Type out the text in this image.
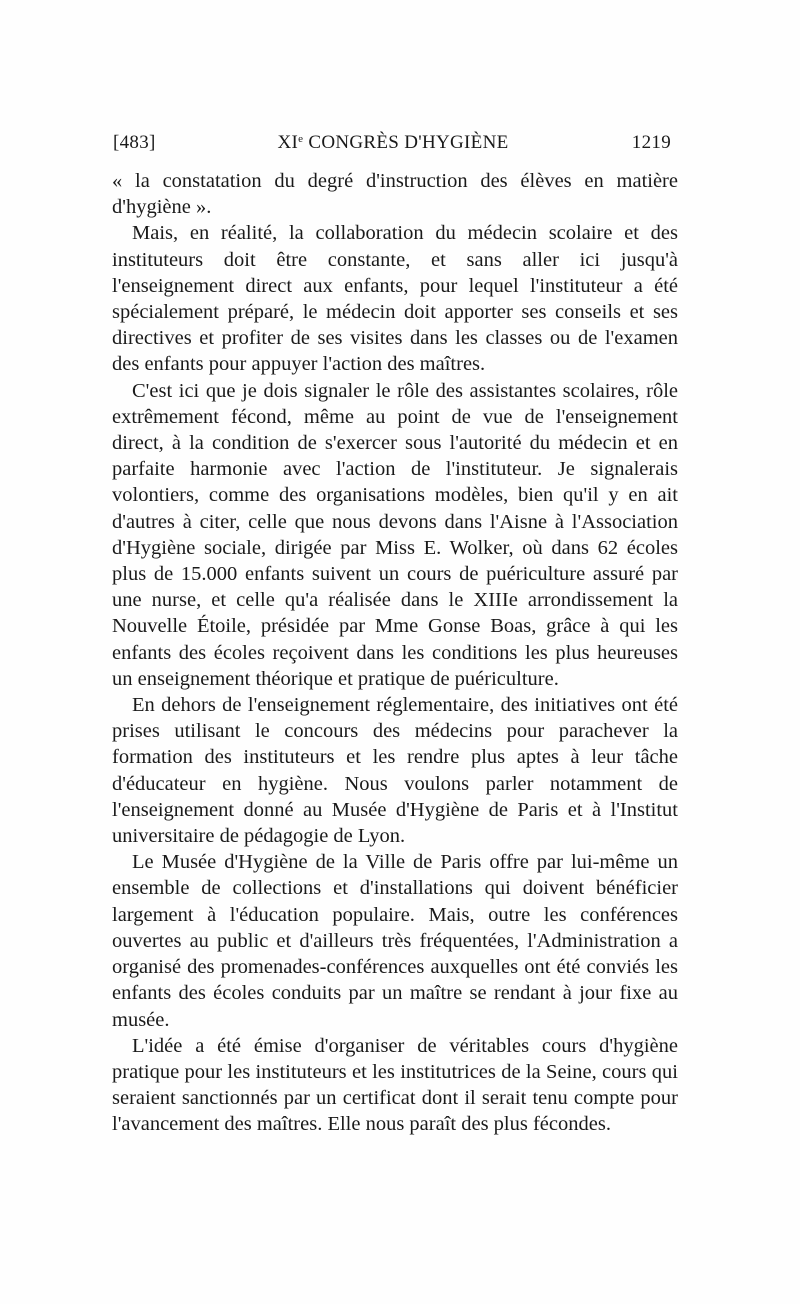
[483]	XIe CONGRÈS D'HYGIÈNE	1219

« la constatation du degré d'instruction des élèves en matière d'hygiène ».

Mais, en réalité, la collaboration du médecin scolaire et des instituteurs doit être constante, et sans aller ici jusqu'à l'enseignement direct aux enfants, pour lequel l'instituteur a été spécialement préparé, le médecin doit apporter ses conseils et ses directives et profiter de ses visites dans les classes ou de l'examen des enfants pour appuyer l'action des maîtres.

C'est ici que je dois signaler le rôle des assistantes scolaires, rôle extrêmement fécond, même au point de vue de l'enseignement direct, à la condition de s'exercer sous l'autorité du médecin et en parfaite harmonie avec l'action de l'instituteur. Je signalerais volontiers, comme des organisations modèles, bien qu'il y en ait d'autres à citer, celle que nous devons dans l'Aisne à l'Association d'Hygiène sociale, dirigée par Miss E. Wolker, où dans 62 écoles plus de 15.000 enfants suivent un cours de puériculture assuré par une nurse, et celle qu'a réalisée dans le XIIIe arrondissement la Nouvelle Étoile, présidée par Mme Gonse Boas, grâce à qui les enfants des écoles reçoivent dans les conditions les plus heureuses un enseignement théorique et pratique de puériculture.

En dehors de l'enseignement réglementaire, des initiatives ont été prises utilisant le concours des médecins pour parachever la formation des instituteurs et les rendre plus aptes à leur tâche d'éducateur en hygiène. Nous voulons parler notamment de l'enseignement donné au Musée d'Hygiène de Paris et à l'Institut universitaire de pédagogie de Lyon.

Le Musée d'Hygiène de la Ville de Paris offre par lui-même un ensemble de collections et d'installations qui doivent bénéficier largement à l'éducation populaire. Mais, outre les conférences ouvertes au public et d'ailleurs très fréquentées, l'Administration a organisé des promenades-conférences auxquelles ont été conviés les enfants des écoles conduits par un maître se rendant à jour fixe au musée.

L'idée a été émise d'organiser de véritables cours d'hygiène pratique pour les instituteurs et les institutrices de la Seine, cours qui seraient sanctionnés par un certificat dont il serait tenu compte pour l'avancement des maîtres. Elle nous paraît des plus fécondes.
